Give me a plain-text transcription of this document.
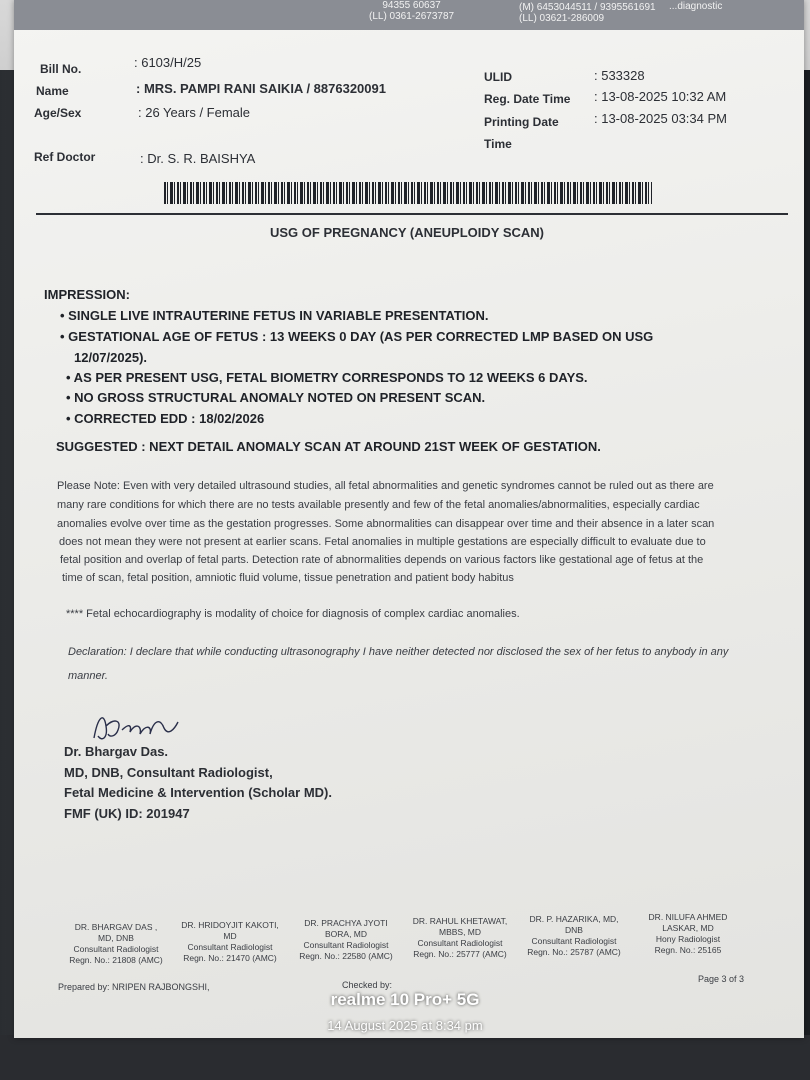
94355 60637
(LL) 0361-2673787
(M) 6453044511 / 9395561691
(LL) 03621-286009
...diagnostic
Bill No.	: 6103/H/25
Name	: MRS. PAMPI RANI SAIKIA / 8876320091
Age/Sex	: 26 Years / Female
Ref Doctor	: Dr. S. R. BAISHYA
ULID	: 533328
Reg. Date Time : 13-08-2025 10:32 AM
Printing Date
Time
: 13-08-2025 03:34 PM
USG OF PREGNANCY (ANEUPLOIDY SCAN)
IMPRESSION:
• SINGLE LIVE INTRAUTERINE FETUS IN VARIABLE PRESENTATION.
• GESTATIONAL AGE OF FETUS : 13 WEEKS 0 DAY (AS PER CORRECTED LMP BASED ON USG
12/07/2025).
• AS PER PRESENT USG, FETAL BIOMETRY CORRESPONDS TO 12 WEEKS 6 DAYS.
• NO GROSS STRUCTURAL ANOMALY NOTED ON PRESENT SCAN.
• CORRECTED EDD : 18/02/2026
SUGGESTED : NEXT DETAIL ANOMALY SCAN AT AROUND 21ST WEEK OF GESTATION.
Please Note: Even with very detailed ultrasound studies, all fetal abnormalities and genetic syndromes cannot be ruled out as there are
many rare conditions for which there are no tests available presently and few of the fetal anomalies/abnormalities, especially cardiac
anomalies evolve over time as the gestation progresses. Some abnormalities can disappear over time and their absence in a later scan
does not mean they were not present at earlier scans. Fetal anomalies in multiple gestations are especially difficult to evaluate due to
fetal position and overlap of fetal parts. Detection rate of abnormalities depends on various factors like gestational age of fetus at the
time of scan, fetal position, amniotic fluid volume, tissue penetration and patient body habitus
**** Fetal echocardiography is modality of choice for diagnosis of complex cardiac anomalies.
Declaration: I declare that while conducting ultrasonography I have neither detected nor disclosed the sex of her fetus to anybody in any
manner.
Dr. Bhargav Das.
MD, DNB, Consultant Radiologist,
Fetal Medicine & Intervention (Scholar MD).
FMF (UK) ID: 201947
DR. BHARGAV DAS ,
MD, DNB
Consultant Radiologist
Regn. No.: 21808 (AMC)
DR. HRIDOYJIT KAKOTI,
MD
Consultant Radiologist
Regn. No.: 21470 (AMC)
DR. PRACHYA JYOTI
BORA, MD
Consultant Radiologist
Regn. No.: 22580 (AMC)
DR. RAHUL KHETAWAT,
MBBS, MD
Consultant Radiologist
Regn. No.: 25777 (AMC)
DR. P. HAZARIKA, MD,
DNB
Consultant Radiologist
Regn. No.: 25787 (AMC)
DR. NILUFA AHMED
LASKAR, MD
Hony Radiologist
Regn. No.: 25165
Prepared by: NRIPEN RAJBONGSHI,	Checked by:
Page 3 of 3
realme 10 Pro+ 5G
14 August 2025 at 8:34 pm
